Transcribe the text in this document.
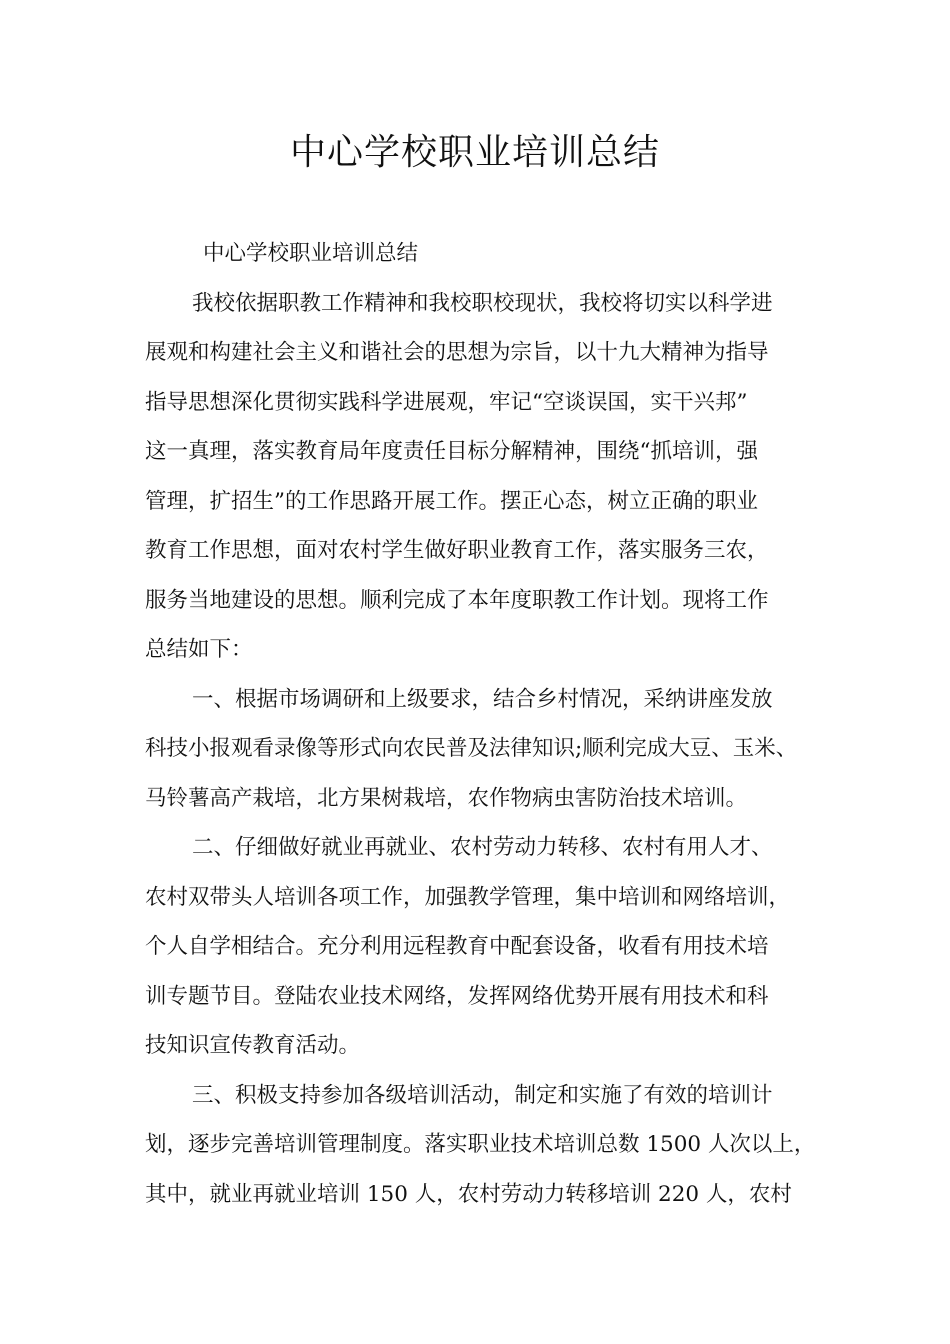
中心学校职业培训总结
中心学校职业培训总结
我校依据职教工作精神和我校职校现状，我校将切实以科学进
展观和构建社会主义和谐社会的思想为宗旨，以十九大精神为指导
指导思想深化贯彻实践科学进展观，牢记“空谈误国，实干兴邦”
这一真理，落实教育局年度责任目标分解精神，围绕“抓培训，强
管理，扩招生”的工作思路开展工作。摆正心态，树立正确的职业
教育工作思想，面对农村学生做好职业教育工作，落实服务三农，
服务当地建设的思想。顺利完成了本年度职教工作计划。现将工作
总结如下：
一、根据市场调研和上级要求，结合乡村情况，采纳讲座发放
科技小报观看录像等形式向农民普及法律知识;顺利完成大豆、玉米、
马铃薯高产栽培，北方果树栽培，农作物病虫害防治技术培训。
二、仔细做好就业再就业、农村劳动力转移、农村有用人才、
农村双带头人培训各项工作，加强教学管理，集中培训和网络培训，
个人自学相结合。充分利用远程教育中配套设备，收看有用技术培
训专题节目。登陆农业技术网络，发挥网络优势开展有用技术和科
技知识宣传教育活动。
三、积极支持参加各级培训活动，制定和实施了有效的培训计
划，逐步完善培训管理制度。落实职业技术培训总数 1500 人次以上，
其中，就业再就业培训 150 人，农村劳动力转移培训 220 人，农村
